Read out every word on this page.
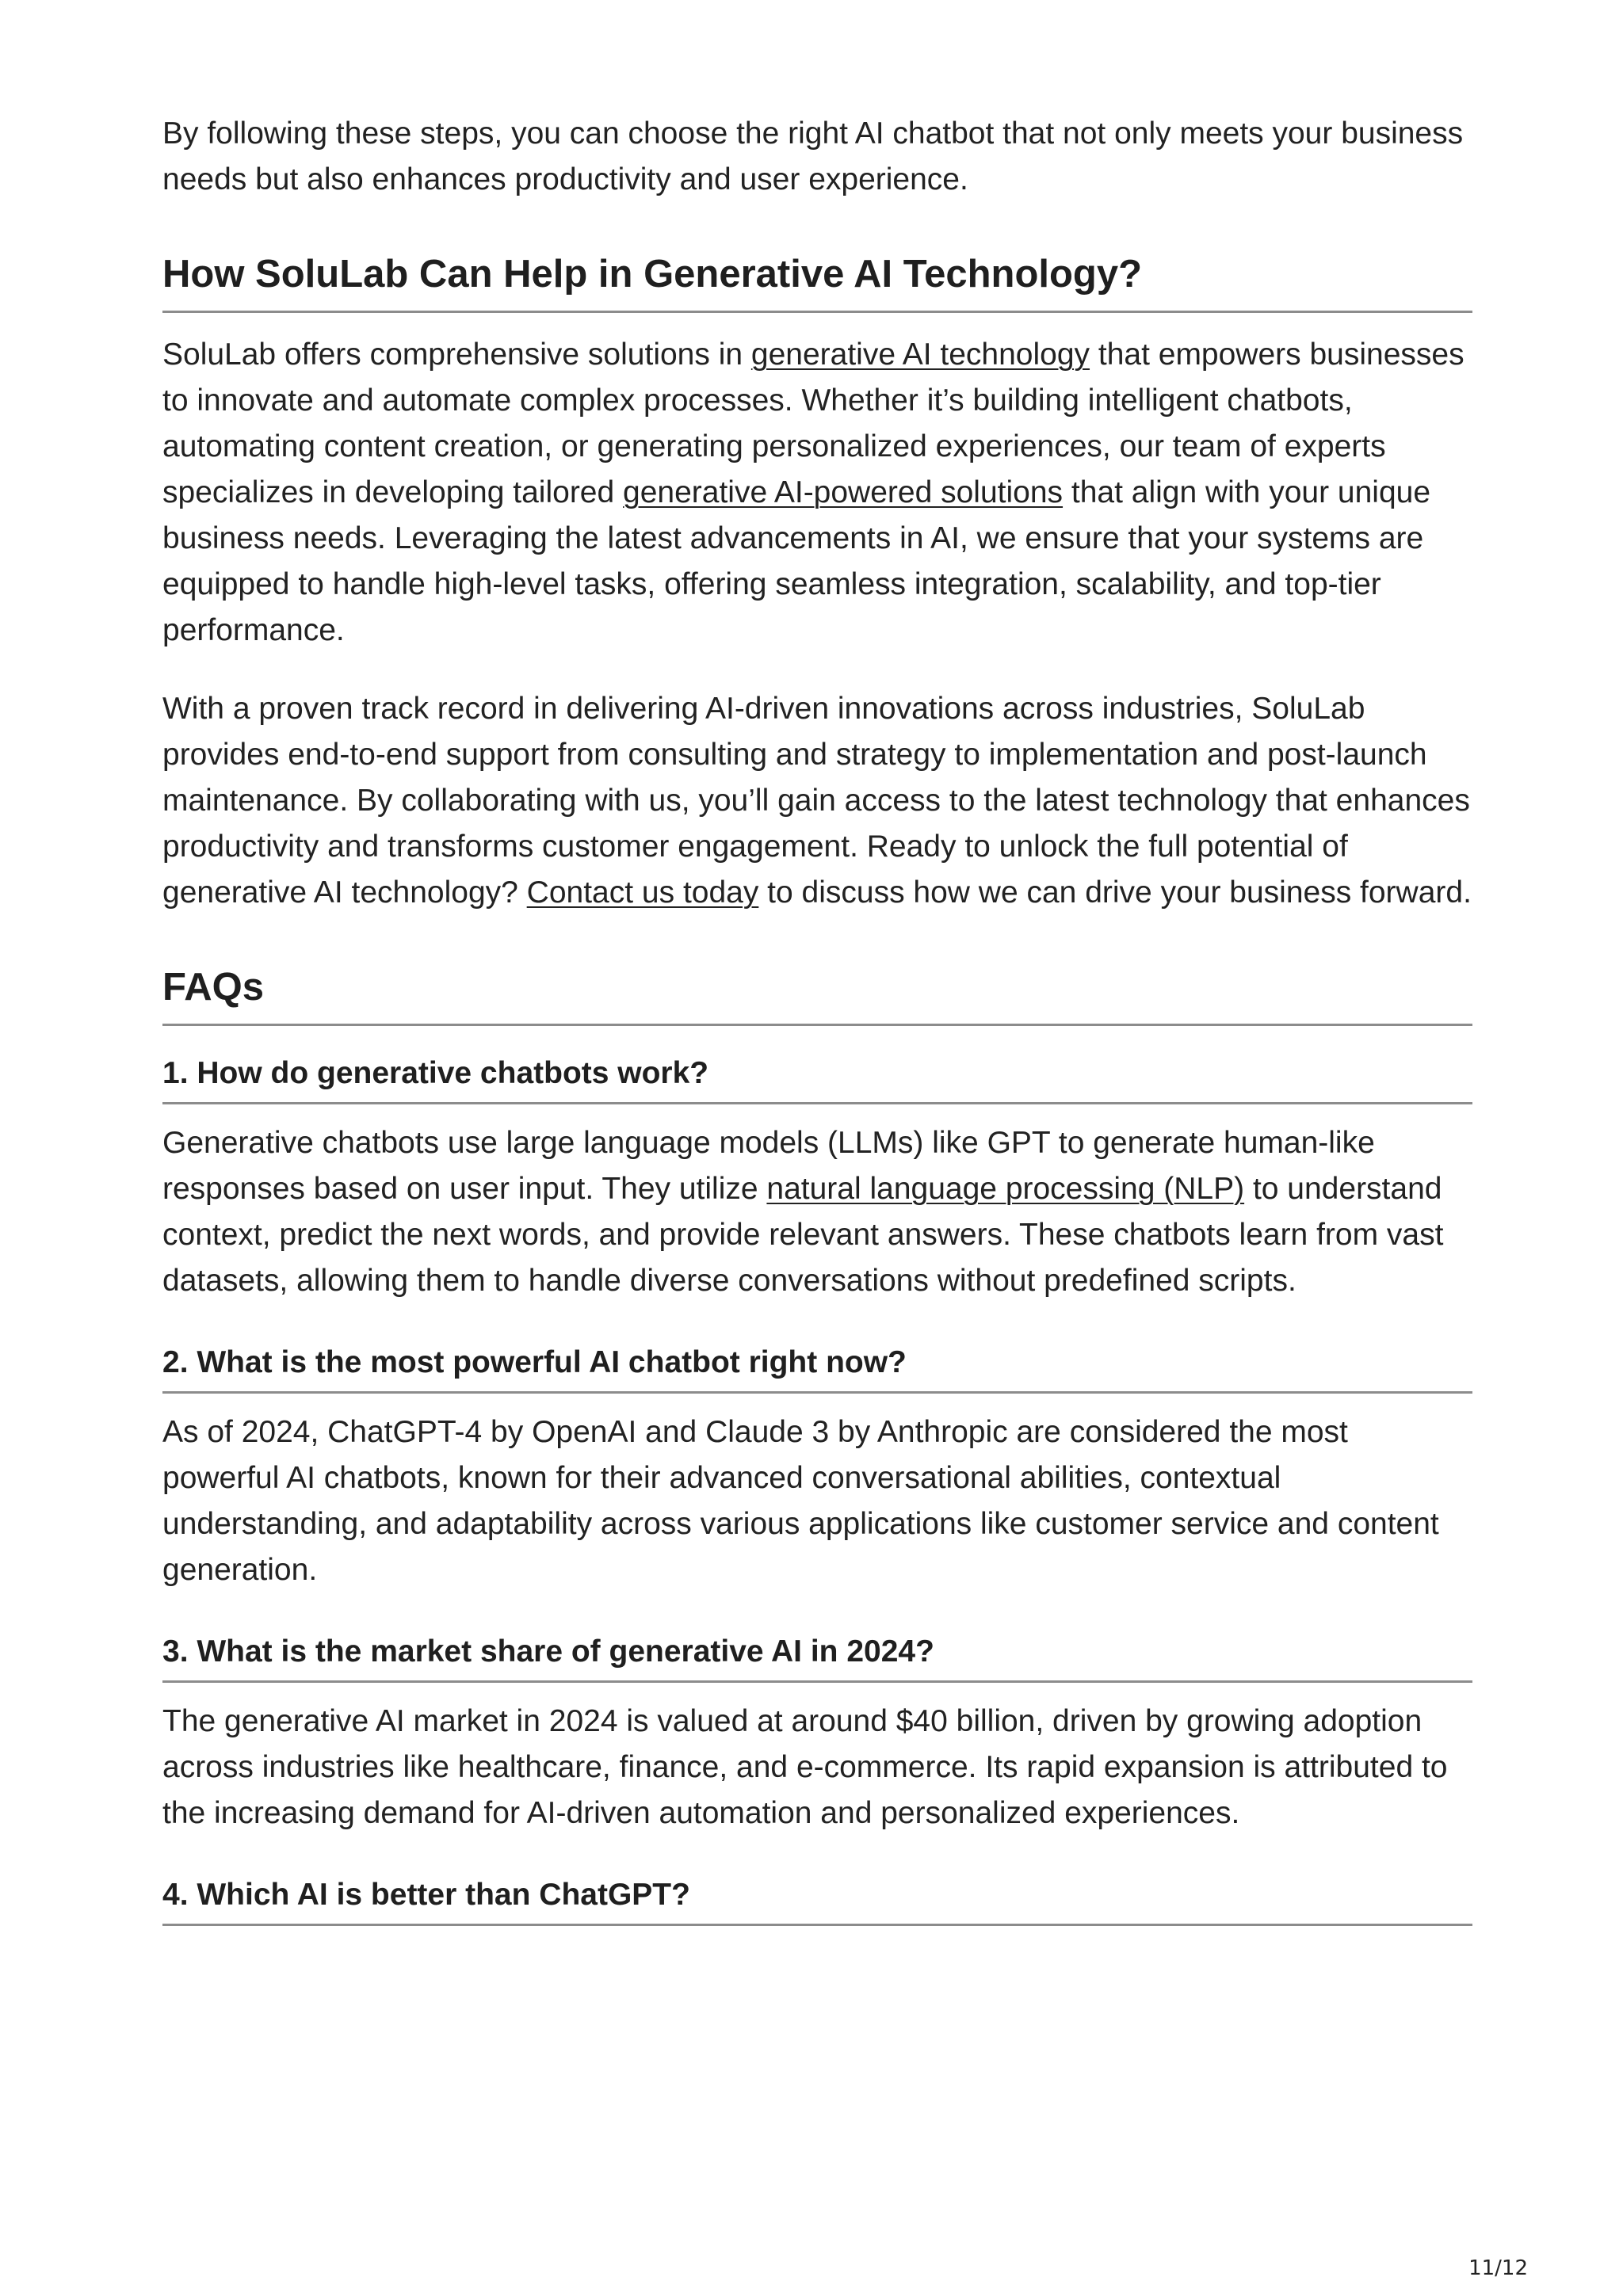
By following these steps, you can choose the right AI chatbot that not only meets your business needs but also enhances productivity and user experience.

How SoluLab Can Help in Generative AI Technology?

SoluLab offers comprehensive solutions in generative AI technology that empowers businesses to innovate and automate complex processes. Whether it’s building intelligent chatbots, automating content creation, or generating personalized experiences, our team of experts specializes in developing tailored generative AI-powered solutions that align with your unique business needs. Leveraging the latest advancements in AI, we ensure that your systems are equipped to handle high-level tasks, offering seamless integration, scalability, and top-tier performance.

With a proven track record in delivering AI-driven innovations across industries, SoluLab provides end-to-end support from consulting and strategy to implementation and post-launch maintenance. By collaborating with us, you’ll gain access to the latest technology that enhances productivity and transforms customer engagement. Ready to unlock the full potential of generative AI technology? Contact us today to discuss how we can drive your business forward.

FAQs
1. How do generative chatbots work?

Generative chatbots use large language models (LLMs) like GPT to generate human-like responses based on user input. They utilize natural language processing (NLP) to understand context, predict the next words, and provide relevant answers. These chatbots learn from vast datasets, allowing them to handle diverse conversations without predefined scripts.

2. What is the most powerful AI chatbot right now?

As of 2024, ChatGPT-4 by OpenAI and Claude 3 by Anthropic are considered the most powerful AI chatbots, known for their advanced conversational abilities, contextual understanding, and adaptability across various applications like customer service and content generation.

3. What is the market share of generative AI in 2024?

The generative AI market in 2024 is valued at around $40 billion, driven by growing adoption across industries like healthcare, finance, and e-commerce. Its rapid expansion is attributed to the increasing demand for AI-driven automation and personalized experiences.

4. Which AI is better than ChatGPT?
11/12
